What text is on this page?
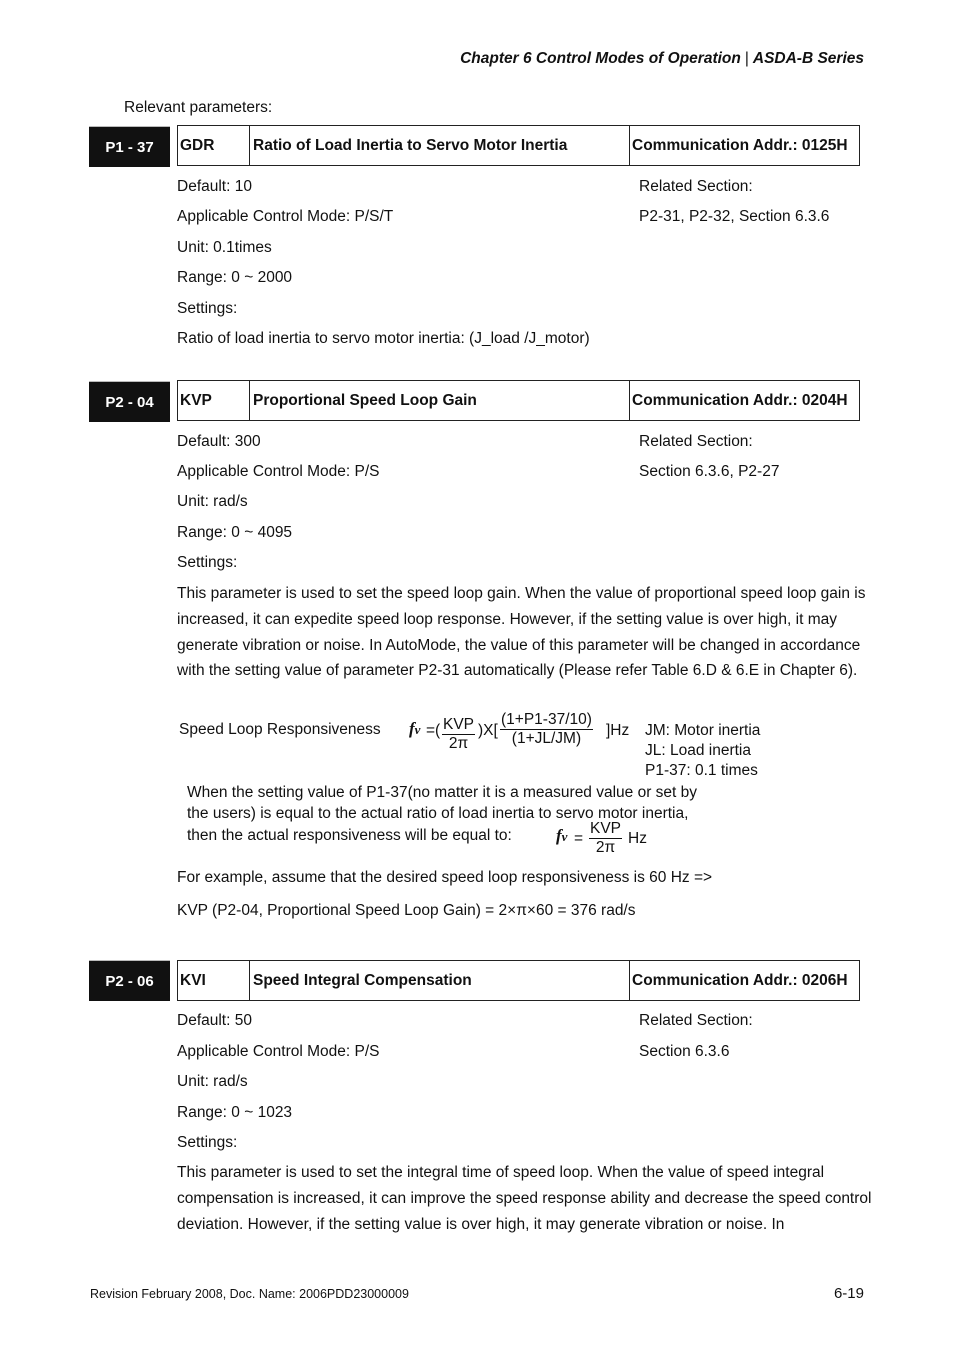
Chapter 6 Control Modes of Operation | ASDA-B Series
Relevant parameters:
P1 - 37	GDR	Ratio of Load Inertia to Servo Motor Inertia	Communication Addr.: 0125H
Default: 10	Related Section:
Applicable Control Mode: P/S/T	P2-31, P2-32, Section 6.3.6
Unit: 0.1times
Range: 0 ~ 2000
Settings:
Ratio of load inertia to servo motor inertia: (J_load /J_motor)
P2 - 04	KVP	Proportional Speed Loop Gain	Communication Addr.: 0204H
Default: 300	Related Section:
Applicable Control Mode: P/S	Section 6.3.6, P2-27
Unit: rad/s
Range: 0 ~ 4095
Settings:
This parameter is used to set the speed loop gain. When the value of proportional speed loop gain is increased, it can expedite speed loop response. However, if the setting value is over high, it may generate vibration or noise. In AutoMode, the value of this parameter will be changed in accordance with the setting value of parameter P2-31 automatically (Please refer Table 6.D & 6.E in Chapter 6).
Speed Loop Responsiveness fv =( KVP
2π
)$X[ \frac{(1+P1-37/10)}{(1+JL/JM)} ]Hz$ JM: Motor inertia
JL: Load inertia
P1-37: 0.1 times
When the setting value of P1-37(no matter it is a measured value or set by
the users) is equal to the actual ratio of load inertia to servo motor inertia,
then the actual responsiveness will be equal to:	fv =
KVP
2π
Hz
For example, assume that the desired speed loop responsiveness is 60 Hz =>
KVP (P2-04, Proportional Speed Loop Gain) = 2×π×60 = 376 rad/s
P2 - 06	KVI	Speed Integral Compensation	Communication Addr.: 0206H
Default: 50	Related Section:
Applicable Control Mode: P/S	Section 6.3.6
Unit: rad/s
Range: 0 ~ 1023
Settings:
This parameter is used to set the integral time of speed loop. When the value of speed integral compensation is increased, it can improve the speed response ability and decrease the speed control deviation. However, if the setting value is over high, it may generate vibration or noise. In
Revision February 2008, Doc. Name: 2006PDD23000009	6-19
